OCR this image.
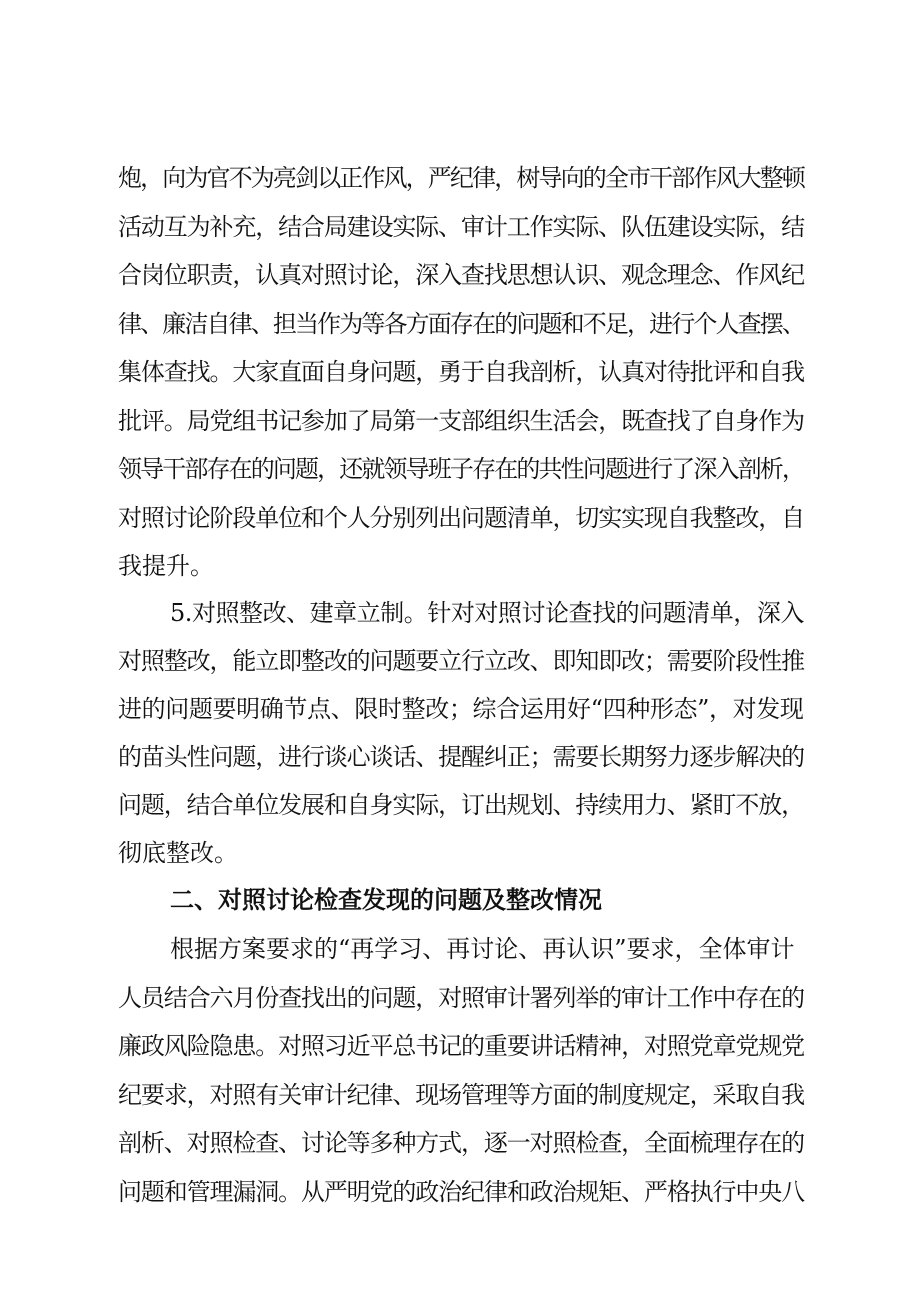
炮，向为官不为亮剑以正作风，严纪律，树导向的全市干部作风大整顿
活动互为补充，结合局建设实际、审计工作实际、队伍建设实际，结
合岗位职责，认真对照讨论，深入查找思想认识、观念理念、作风纪
律、廉洁自律、担当作为等各方面存在的问题和不足，进行个人查摆、
集体查找。大家直面自身问题，勇于自我剖析，认真对待批评和自我
批评。局党组书记参加了局第一支部组织生活会，既查找了自身作为
领导干部存在的问题，还就领导班子存在的共性问题进行了深入剖析，
对照讨论阶段单位和个人分别列出问题清单，切实实现自我整改，自
我提升。
5.对照整改、建章立制。针对对照讨论查找的问题清单，深入
对照整改，能立即整改的问题要立行立改、即知即改；需要阶段性推
进的问题要明确节点、限时整改；综合运用好“四种形态”，对发现
的苗头性问题，进行谈心谈话、提醒纠正；需要长期努力逐步解决的
问题，结合单位发展和自身实际，订出规划、持续用力、紧盯不放，
彻底整改。
二、对照讨论检查发现的问题及整改情况
根据方案要求的“再学习、再讨论、再认识”要求，全体审计
人员结合六月份查找出的问题，对照审计署列举的审计工作中存在的
廉政风险隐患。对照习近平总书记的重要讲话精神，对照党章党规党
纪要求，对照有关审计纪律、现场管理等方面的制度规定，采取自我
剖析、对照检查、讨论等多种方式，逐一对照检查，全面梳理存在的
问题和管理漏洞。从严明党的政治纪律和政治规矩、严格执行中央八
